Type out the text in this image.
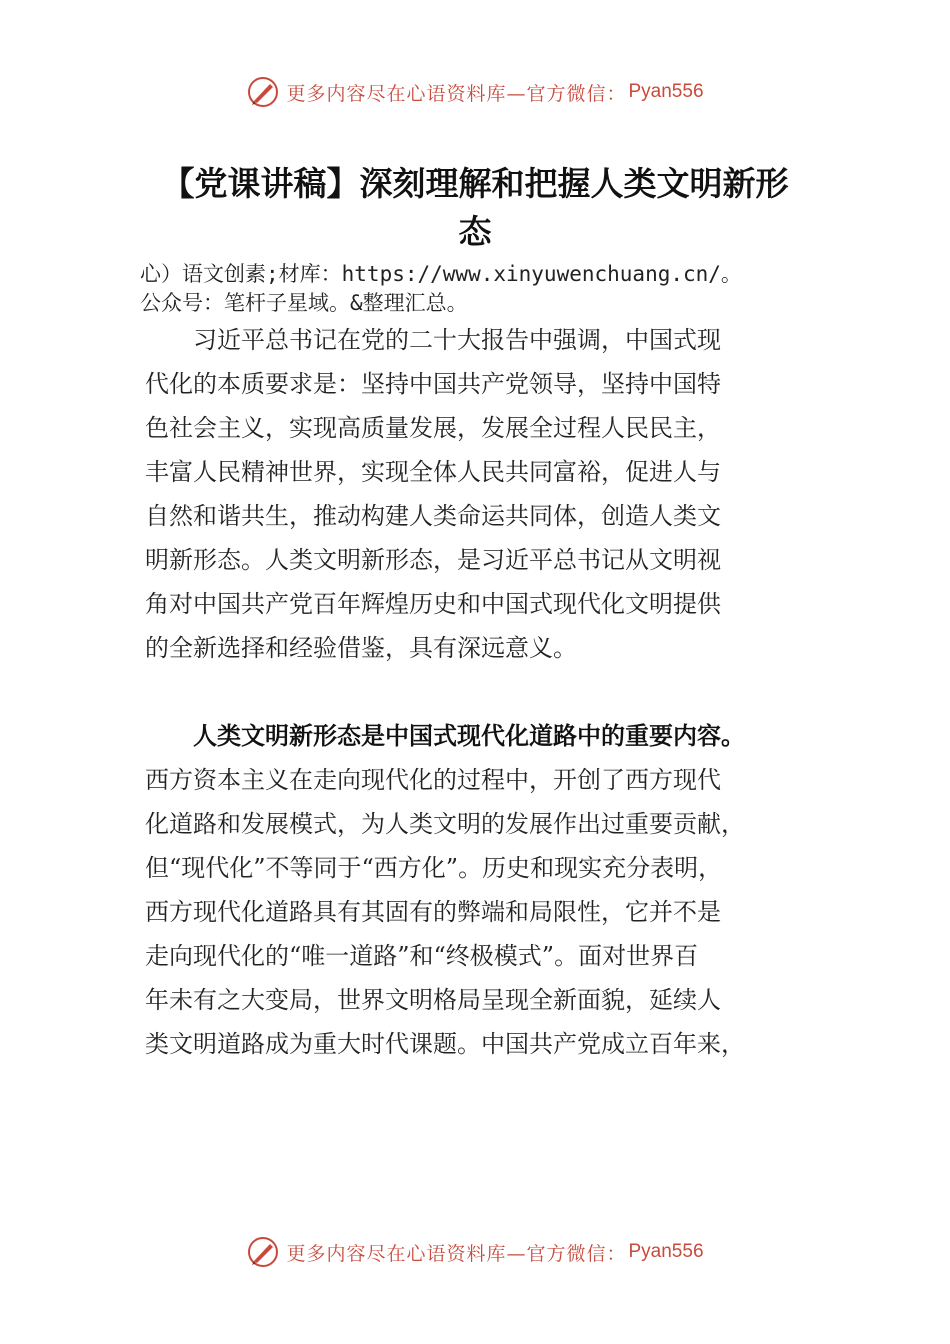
更多内容尽在心语资料库—官方微信： Pyan556
【党课讲稿】深刻理解和把握人类文明新形
态
心）语文创素;材库：https://www.xinyuwenchuang.cn/。
公众号：笔杆子星域。&整理汇总。
习近平总书记在党的二十大报告中强调，中国式现
代化的本质要求是：坚持中国共产党领导，坚持中国特
色社会主义，实现高质量发展，发展全过程人民民主，
丰富人民精神世界，实现全体人民共同富裕，促进人与
自然和谐共生，推动构建人类命运共同体，创造人类文
明新形态。人类文明新形态，是习近平总书记从文明视
角对中国共产党百年辉煌历史和中国式现代化文明提供
的全新选择和经验借鉴，具有深远意义。
人类文明新形态是中国式现代化道路中的重要内容。
西方资本主义在走向现代化的过程中，开创了西方现代
化道路和发展模式，为人类文明的发展作出过重要贡献，
但“现代化”不等同于“西方化”。历史和现实充分表明，
西方现代化道路具有其固有的弊端和局限性，它并不是
走向现代化的“唯一道路”和“终极模式”。面对世界百
年未有之大变局，世界文明格局呈现全新面貌，延续人
类文明道路成为重大时代课题。中国共产党成立百年来，
更多内容尽在心语资料库—官方微信： Pyan556
